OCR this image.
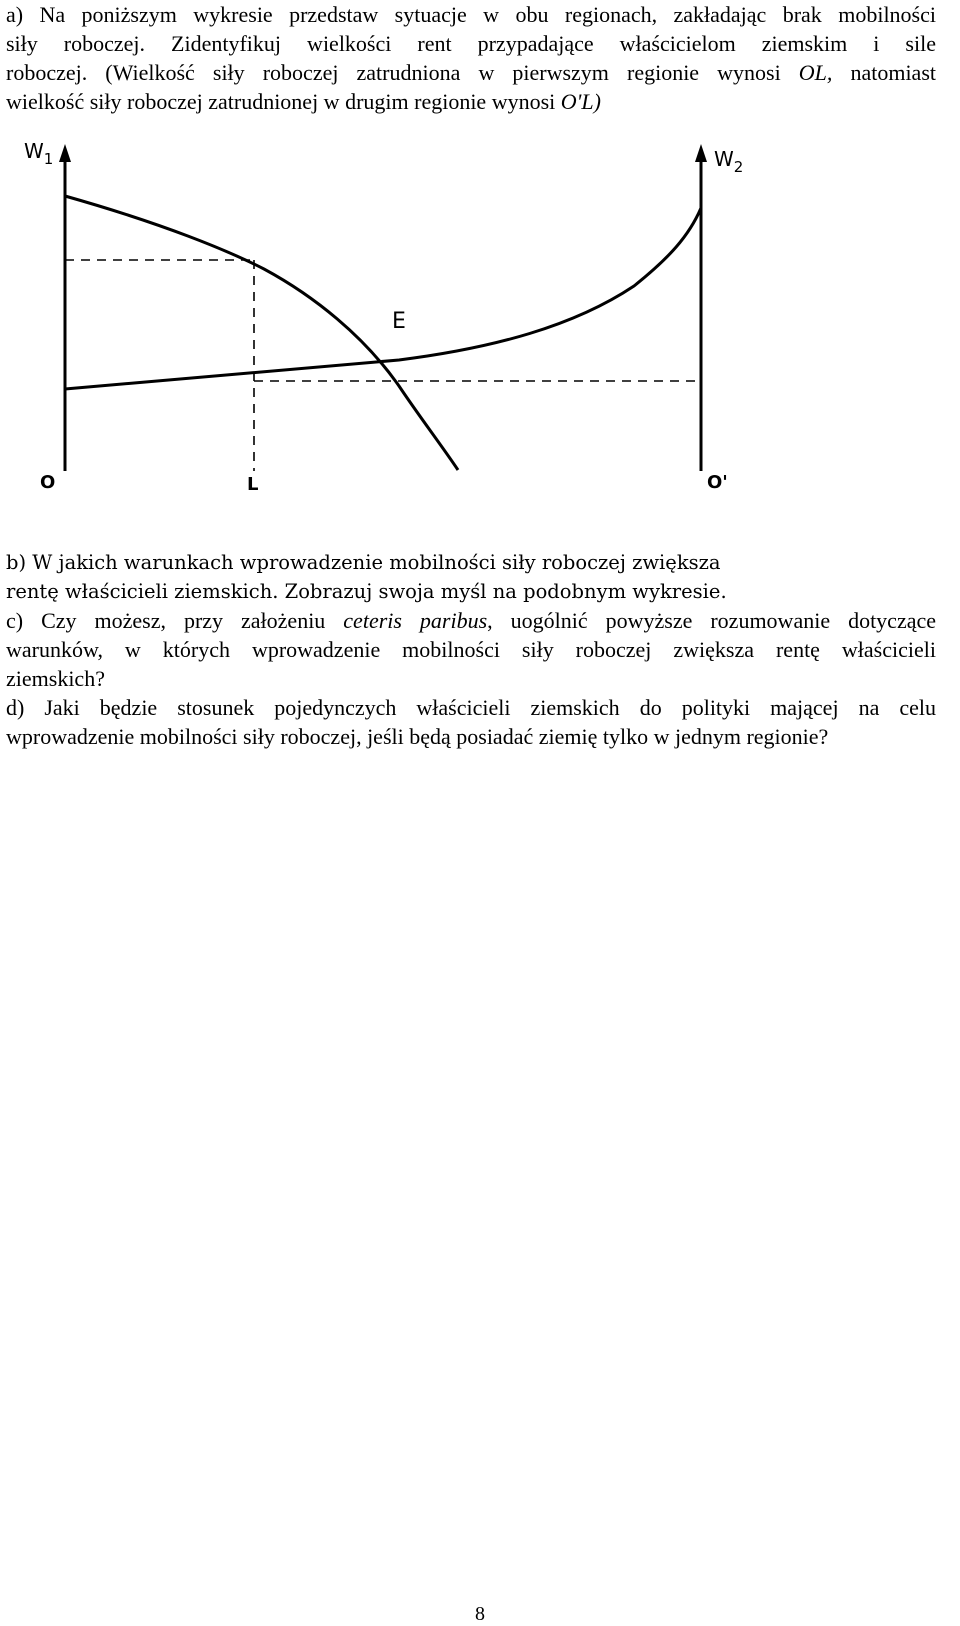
a) Na poniższym wykresie przedstaw sytuacje w obu regionach, zakładając brak mobilności
siły roboczej. Zidentyfikuj wielkości rent przypadające właścicielom ziemskim i sile
roboczej. (Wielkość siły roboczej zatrudniona w pierwszym regionie wynosi OL, natomiast
wielkość siły roboczej zatrudnionej w drugim regionie wynosi O'L)
$W_1$	$W_2$
E
O	L	O'
b) W jakich warunkach wprowadzenie mobilności siły roboczej zwiększa
rentę właścicieli ziemskich. Zobrazuj swoja myśl na podobnym wykresie.
c) Czy możesz, przy założeniu ceteris paribus, uogólnić powyższe rozumowanie dotyczące
warunków, w których wprowadzenie mobilności siły roboczej zwiększa rentę właścicieli
ziemskich?
d) Jaki będzie stosunek pojedynczych właścicieli ziemskich do polityki mającej na celu
wprowadzenie mobilności siły roboczej, jeśli będą posiadać ziemię tylko w jednym regionie?
8
